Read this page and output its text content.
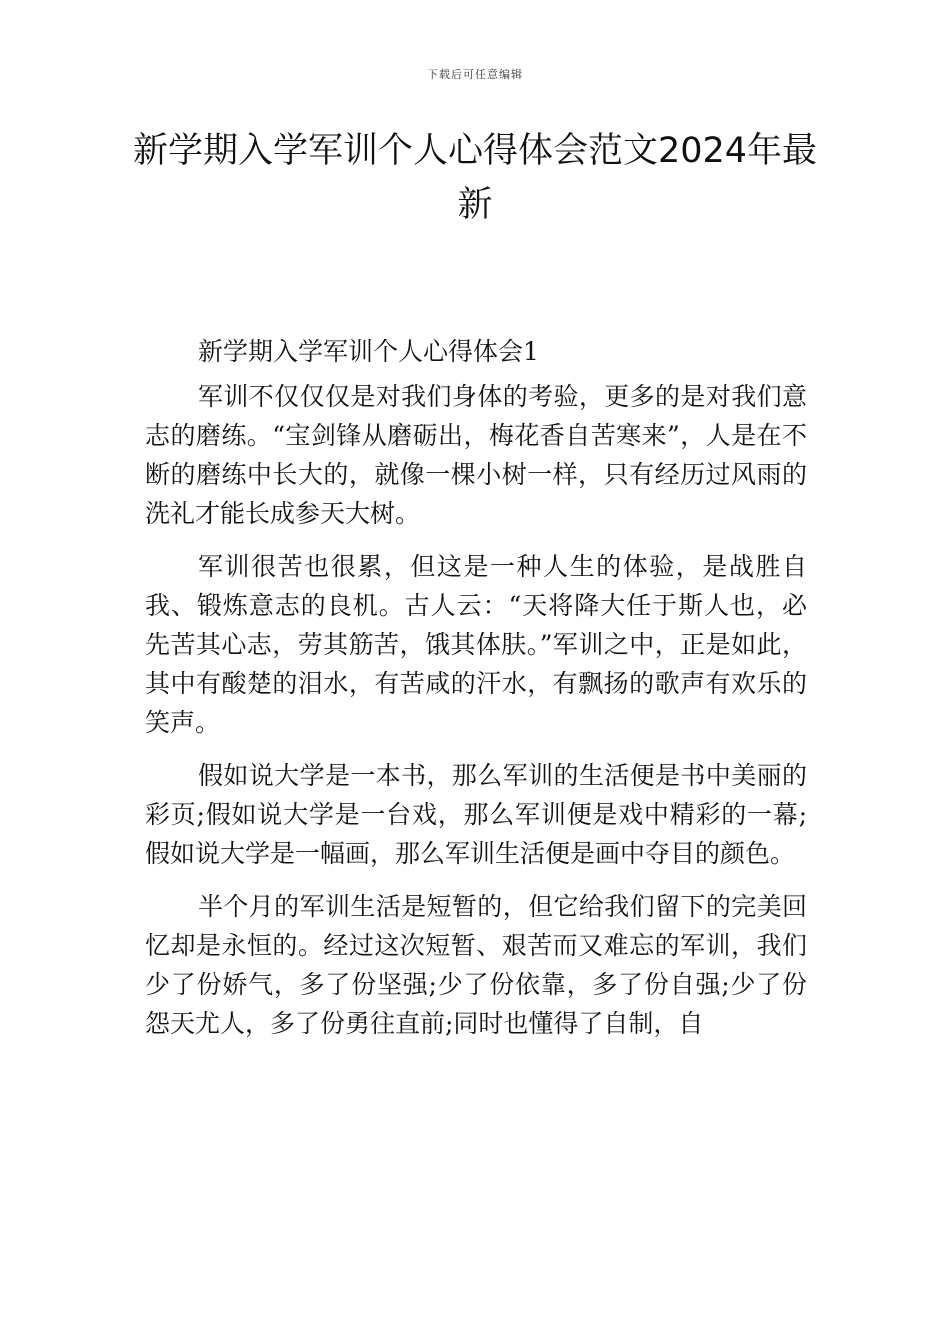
下载后可任意编辑
新学期入学军训个人心得体会范文2024年最新

新学期入学军训个人心得体会1

军训不仅仅仅是对我们身体的考验，更多的是对我们意志的磨练。“宝剑锋从磨砺出，梅花香自苦寒来”，人是在不断的磨练中长大的，就像一棵小树一样，只有经历过风雨的洗礼才能长成参天大树。

军训很苦也很累，但这是一种人生的体验，是战胜自我、锻炼意志的良机。古人云：“天将降大任于斯人也，必先苦其心志，劳其筋苦，饿其体肤。”军训之中，正是如此，其中有酸楚的泪水，有苦咸的汗水，有飘扬的歌声有欢乐的笑声。

假如说大学是一本书，那么军训的生活便是书中美丽的彩页;假如说大学是一台戏，那么军训便是戏中精彩的一幕;假如说大学是一幅画，那么军训生活便是画中夺目的颜色。

半个月的军训生活是短暂的，但它给我们留下的完美回忆却是永恒的。经过这次短暂、艰苦而又难忘的军训，我们少了份娇气，多了份坚强;少了份依靠，多了份自强;少了份怨天尤人，多了份勇往直前;同时也懂得了自制，自
